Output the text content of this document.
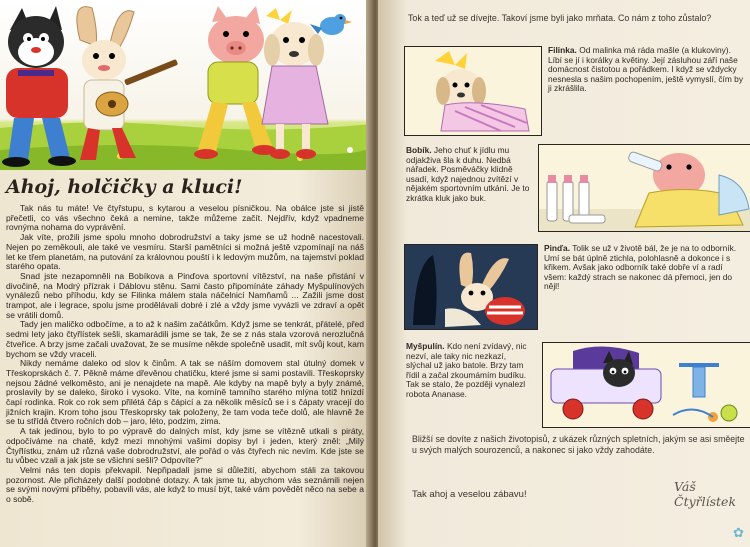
Ahoj, holčičky a kluci!

Tak nás tu máte! Ve čtyřstupu, s kytarou a veselou písničkou. Na obálce jste si jistě přečetli, co vás všechno čeká a nemine, takže můžeme začít. Nejdřív, když vpadneme rovnýma nohama do vyprávění.

Jak víte, prožili jsme spolu mnoho dobrodružství a taky jsme se už hodně nacestovali. Nejen po zeměkouli, ale také ve vesmíru. Starší pamětníci si možná ještě vzpomínají na náš let ke třem planetám, na putování za královnou pouští i k ledovým mužům, na tajemství poklad starého opata.

Snad jste nezapomněli na Bobíkova a Pinďova sportovní vítězství, na naše přistání v divočině, na Modrý přízrak i Dáblovu stěnu. Sami často připomínáte záhady Myšpulínových vynálezů nebo příhodu, kdy se Filinka málem stala náčelnicí Namňamů ... Zažili jsme dost trampot, ale i legrace, spolu jsme prodělávali dobré i zlé a vždy jsme vyvázli ve zdraví a opět se vrátili domů.

Tady jen maličko odbočíme, a to až k našim začátkům. Když jsme se tenkrát, přátelé, před sedmi lety jako čtyřlístek sešli, skamarádili jsme se tak, že se z nás stala vzorová nerozlučná čtveřice. A brzy jsme začali uvažovat, že se musíme někde společně usadit, mít svůj kout, kam bychom se vždy vraceli.

Nikdy nemáme daleko od slov k činům. A tak se náším domovem stal útulný domek v Třeskoprskách č. 7. Pěkně máme dřevěnou chatičku, které jsme si sami postavili. Třeskoprsky nejsou žádné velkoměsto, ani je nenajdete na mapě. Ale kdyby na mapě byly a byly známé, proslavily by se daleko, široko i vysoko. Víte, na komíně tamního starého mlýna totiž hnízdí čapí rodinka. Rok co rok sem přilétá čáp s čápicí a za několik měsíců se i s čápaty vracejí do jižních krajin. Krom toho jsou Třeskoprsky tak položeny, že tam voda teče dolů, ale hlavně že se tu střídá čtvero ročních dob – jaro, léto, podzim, zima.

A tak jedinou, bylo to po výpravě do dalných míst, kdy jsme se vítězně utkali s piráty, odpočíváme na chatě, když mezi mnohými vašimi dopisy byl i jeden, který zněl: „Milý Čtyřlístku, znám už různá vaše dobrodružství, ale pořád o vás čtyřech nic nevím. Kde jste se tu vůbec vzali a jak jste se všichni sešli? Odpovíte?“

Velmi nás ten dopis překvapil. Nepřipadali jsme si důležití, abychom stáli za takovou pozornost. Ale přicházely další podobné dotazy. A tak jsme tu, abychom vás seznámili nejen se svými novými příběhy, pobavili vás, ale když to musí být, také vám povědět něco na sebe a o sobě.

Tok a teď už se dívejte. Takoví jsme byli jako mrňata. Co nám z toho zůstalo?
Filinka. Od malinka má ráda mašle (a klukoviny). Líbí se jí i korálky a květiny. Její zásluhou září naše domácnost čistotou a pořádkem. I když se vždycky nesnesla s našim pochopením, ještě vymyslí, čím by ji zkrášlila.
Bobík. Jeho chuť k jídlu mu odjakživa šla k duhu. Nedbá nářadek. Posměváčky klidně usadí, když najednou zvítězí v nějakém sportovním utkání. Je to zkrátka kluk jako buk.
Pinďa. Tolik se už v životě bál, že je na to odborník. Umí se bát úplně ztichla, polohlasně a dokonce i s křikem. Avšak jako odborník také dobře ví a radí všem: každý strach se nakonec dá přemoci, jen do nějl!
Myšpulín. Kdo není zvídavý, nic nezví, ale taky nic nezkazí, slýchal už jako batole. Brzy tam řídil a začal zkoumámím budíku. Tak se stalo, že později vynalezl robota Ananase.
Bližší se dovíte z našich životopisů, z ukázek různých spletních, jakým se asi směejte u svých malých sourozenců, a nakonec si jako vždy zahodáte.
Tak ahoj a veselou zábavu!
Váš Čtyřlístek
✿
